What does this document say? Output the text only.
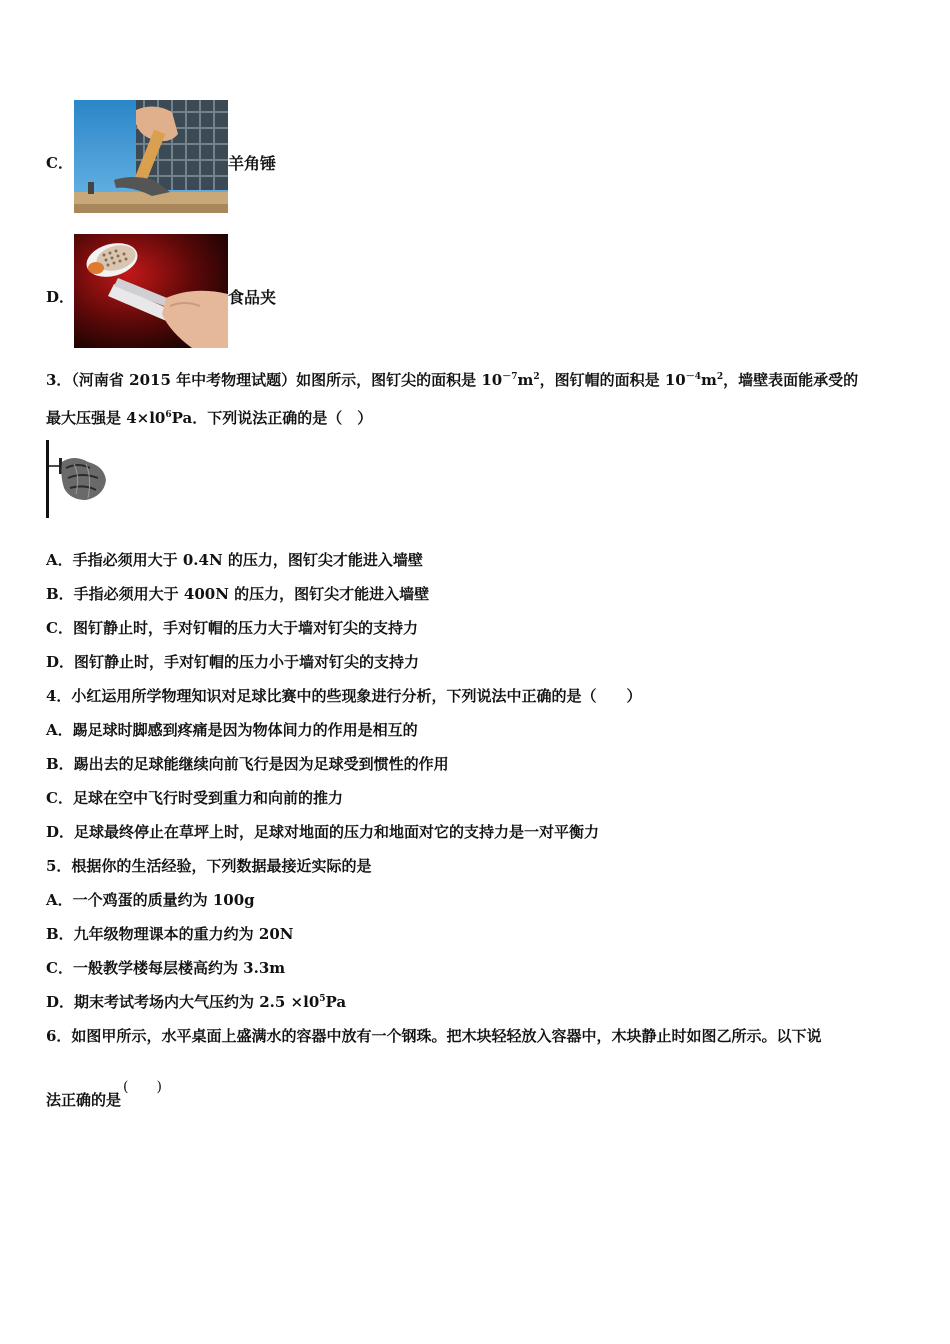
C．	羊角锤
D．	食品夹
3．（河南省 2015 年中考物理试题）如图所示，图钉尖的面积是 $10^{-7}m^2$，图钉帽的面积是 $10^{-4}m^2$，墙壁表面能承受的
最大压强是 $4\times l0^6Pa$．下列说法正确的是（　）
A．手指必须用大于 0.4N 的压力，图钉尖才能进入墙壁
B．手指必须用大于 400N 的压力，图钉尖才能进入墙壁
C．图钉静止时，手对钉帽的压力大于墙对钉尖的支持力
D．图钉静止时，手对钉帽的压力小于墙对钉尖的支持力
4．小红运用所学物理知识对足球比赛中的些现象进行分析，下列说法中正确的是（　　）
A．踢足球时脚感到疼痛是因为物体间力的作用是相互的
B．踢出去的足球能继续向前飞行是因为足球受到惯性的作用
C．足球在空中飞行时受到重力和向前的推力
D．足球最终停止在草坪上时，足球对地面的压力和地面对它的支持力是一对平衡力
5．根据你的生活经验，下列数据最接近实际的是
A．一个鸡蛋的质量约为 100g
B．九年级物理课本的重力约为 20N
C．一般教学楼每层楼高约为 3.3m
D．期末考试考场内大气压约为 $2.5 \times l0^5Pa$
6．如图甲所示，水平桌面上盛满水的容器中放有一个钢珠。把木块轻轻放入容器中，木块静止时如图乙所示。以下说
法正确的是(　　)
